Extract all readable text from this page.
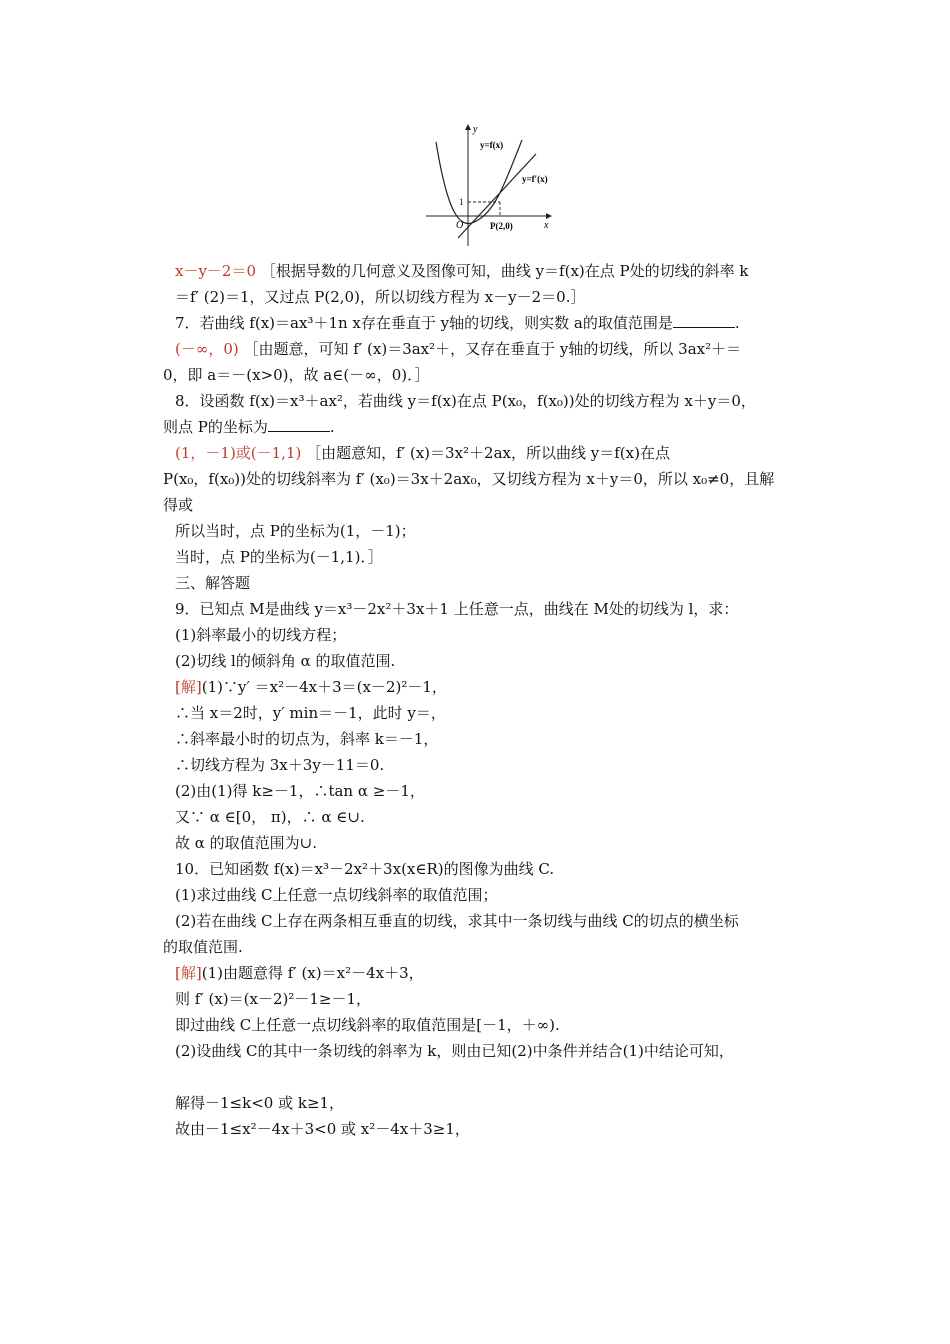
y
x
O
1
y=f(x)
y=f′(x)
P(2,0)
x－y－2＝0 ［根据导数的几何意义及图像可知，曲线 y＝f(x)在点 P处的切线的斜率 k
＝f′ (2)＝1，又过点 P(2,0)，所以切线方程为 x－y－2＝0.］
7．若曲线 f(x)＝ax³＋1n x存在垂直于 y轴的切线，则实数 a的取值范围是	.
(－∞，0) ［由题意，可知 f′ (x)＝3ax²＋，又存在垂直于 y轴的切线，所以 3ax²＋＝
0，即 a＝－(x>0)，故 a∈(－∞，0)．］
8．设函数 f(x)＝x³＋ax²，若曲线 y＝f(x)在点 P(x₀，f(x₀))处的切线方程为 x＋y＝0，
则点 P的坐标为	.
(1，－1)或(－1,1) ［由题意知，f′ (x)＝3x²＋2ax，所以曲线 y＝f(x)在点
P(x₀，f(x₀))处的切线斜率为 f′ (x₀)＝3x＋2ax₀，又切线方程为 x＋y＝0，所以 x₀≠0，且解
得或
所以当时，点 P的坐标为(1，－1)；
当时，点 P的坐标为(－1,1)．］
三、解答题
9．已知点 M是曲线 y＝x³－2x²＋3x＋1 上任意一点，曲线在 M处的切线为 l，求：
(1)斜率最小的切线方程；
(2)切线 l的倾斜角 α 的取值范围.
[解](1)∵y′ ＝x²－4x＋3＝(x－2)²－1，
∴当 x＝2时，y′ min＝－1，此时 y＝，
∴斜率最小时的切点为，斜率 k＝－1，
∴切线方程为 3x＋3y－11＝0.
(2)由(1)得 k≥－1，∴tan α ≥－1，
又∵ α ∈[0， π)，∴ α ∈∪.
故 α 的取值范围为∪.
10．已知函数 f(x)＝x³－2x²＋3x(x∈R)的图像为曲线 C.
(1)求过曲线 C上任意一点切线斜率的取值范围；
(2)若在曲线 C上存在两条相互垂直的切线，求其中一条切线与曲线 C的切点的横坐标
的取值范围.
[解](1)由题意得 f′ (x)＝x²－4x＋3，
则 f′ (x)＝(x－2)²－1≥－1，
即过曲线 C上任意一点切线斜率的取值范围是[－1，＋∞).
(2)设曲线 C的其中一条切线的斜率为 k，则由已知(2)中条件并结合(1)中结论可知，
解得－1≤k<0 或 k≥1，
故由－1≤x²－4x＋3<0 或 x²－4x＋3≥1，
